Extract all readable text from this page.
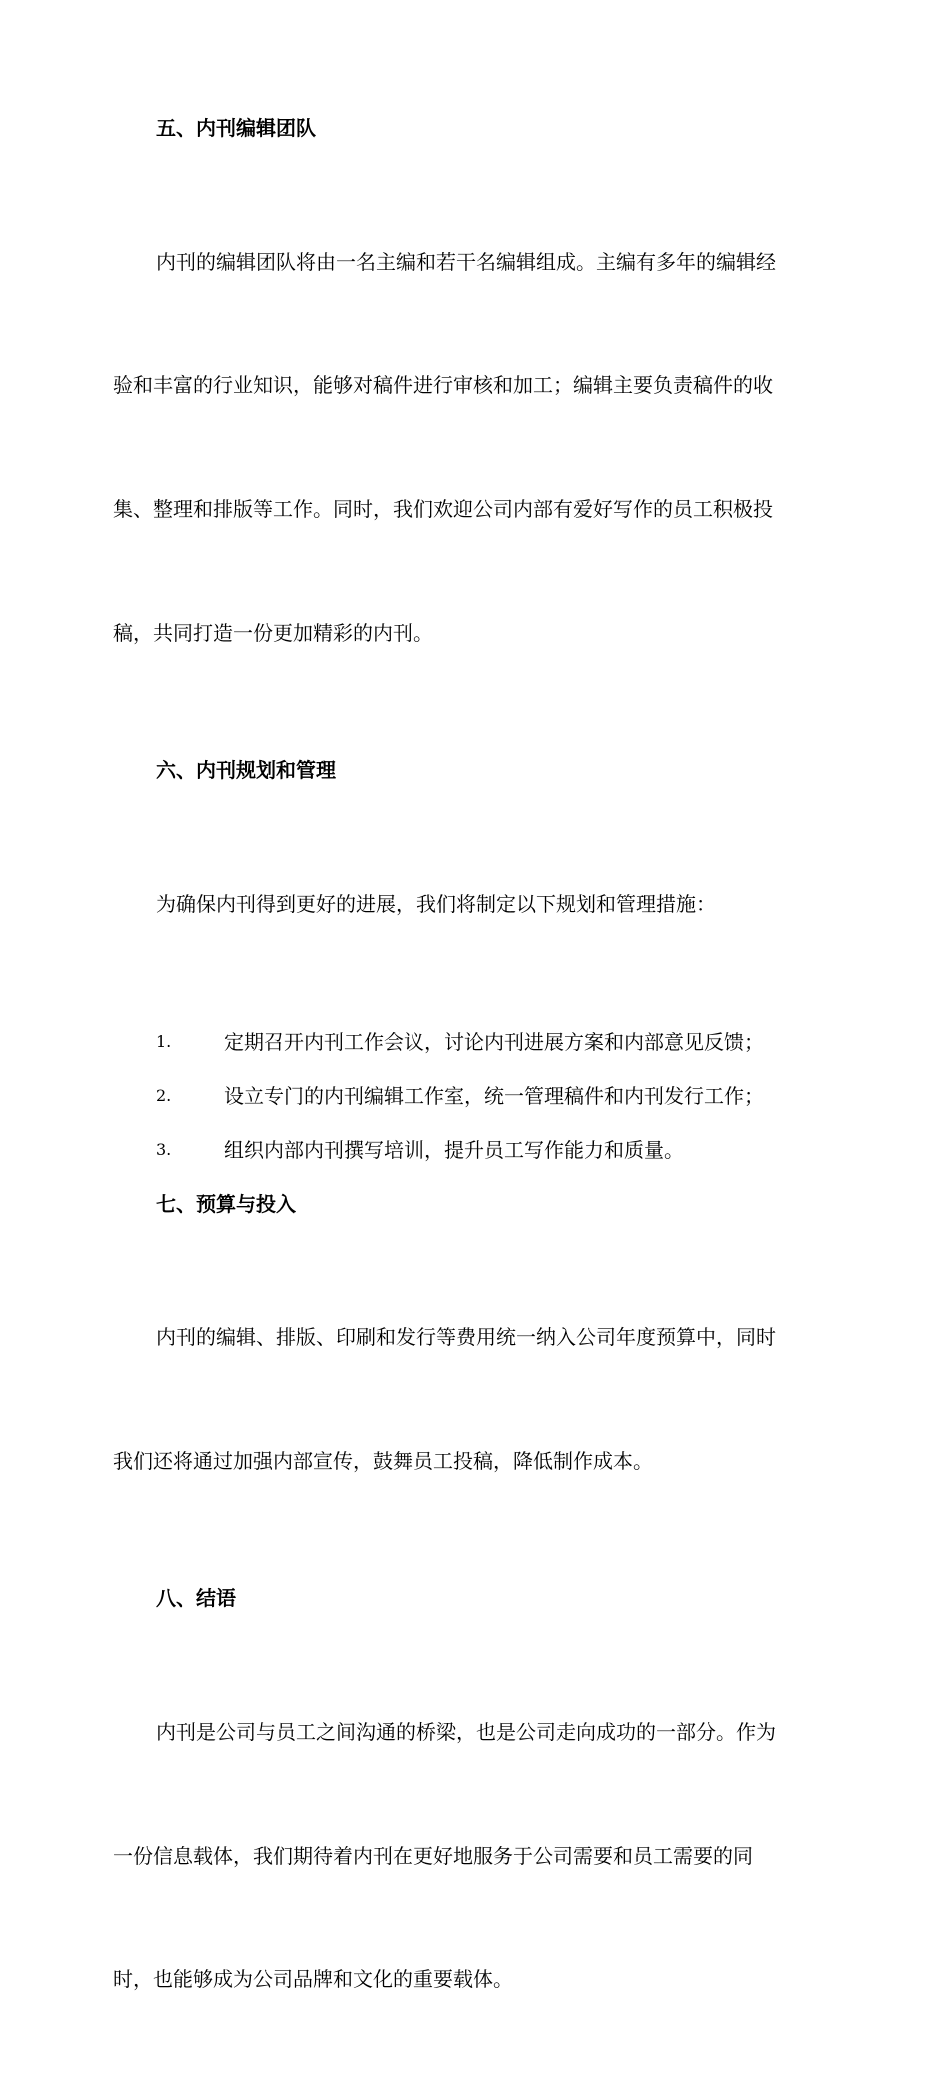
五、内刊编辑团队

内刊的编辑团队将由一名主编和若干名编辑组成。主编有多年的编辑经

验和丰富的行业知识，能够对稿件进行审核和加工；编辑主要负责稿件的收

集、整理和排版等工作。同时，我们欢迎公司内部有爱好写作的员工积极投

稿，共同打造一份更加精彩的内刊。

六、内刊规划和管理

为确保内刊得到更好的进展，我们将制定以下规划和管理措施：

1.	定期召开内刊工作会议，讨论内刊进展方案和内部意见反馈；
2.	设立专门的内刊编辑工作室，统一管理稿件和内刊发行工作；
3.	组织内部内刊撰写培训，提升员工写作能力和质量。
七、预算与投入

内刊的编辑、排版、印刷和发行等费用统一纳入公司年度预算中，同时

我们还将通过加强内部宣传，鼓舞员工投稿，降低制作成本。

八、结语

内刊是公司与员工之间沟通的桥梁，也是公司走向成功的一部分。作为

一份信息载体，我们期待着内刊在更好地服务于公司需要和员工需要的同

时，也能够成为公司品牌和文化的重要载体。
